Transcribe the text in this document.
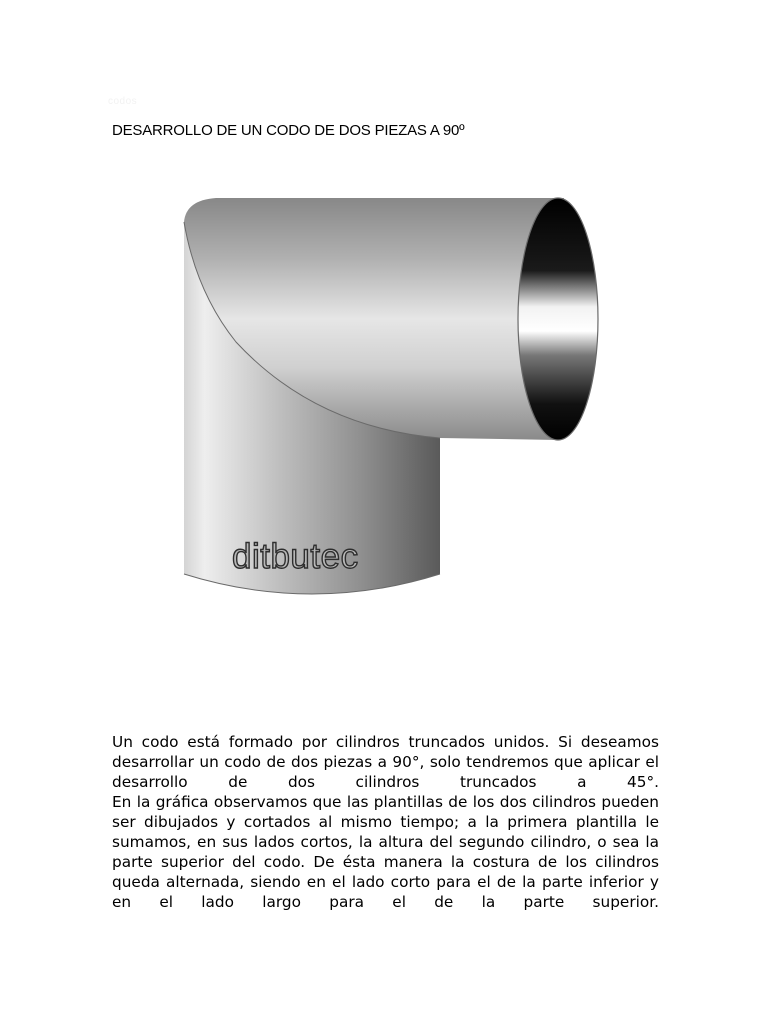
codos
DESARROLLO DE UN CODO DE DOS PIEZAS A 90º
ditbutec
Un codo está formado por cilindros truncados unidos. Si deseamos
desarrollar un codo de dos piezas a 90°, solo tendremos que aplicar el
desarrollo de dos cilindros truncados a 45°.
En la gráfica observamos que las plantillas de los dos cilindros pueden
ser dibujados y cortados al mismo tiempo; a la primera plantilla le
sumamos, en sus lados cortos, la altura del segundo cilindro, o sea la
parte superior del codo. De ésta manera la costura de los cilindros
queda alternada, siendo en el lado corto para el de la parte inferior y
en el lado largo para el de la parte superior.
